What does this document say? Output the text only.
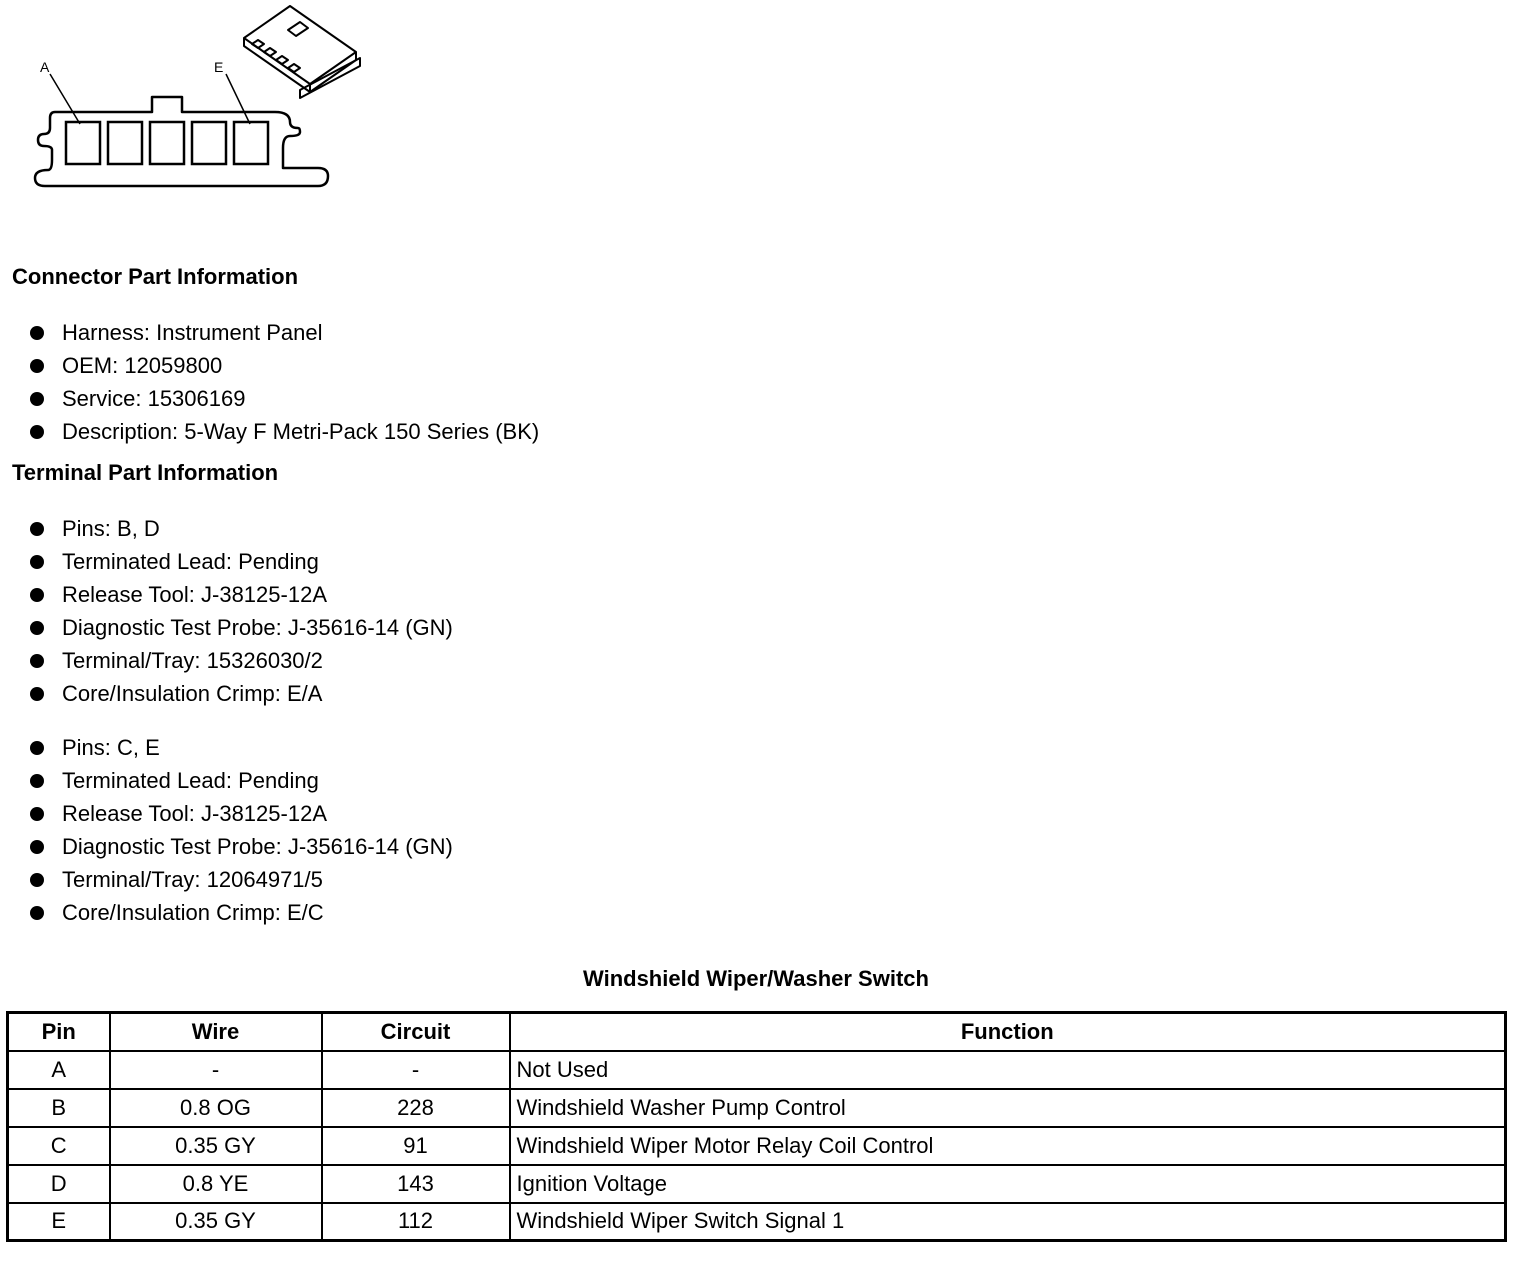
A	E
Connector Part Information
Harness: Instrument Panel
OEM: 12059800
Service: 15306169
Description: 5-Way F Metri-Pack 150 Series (BK)
Terminal Part Information
Pins: B, D
Terminated Lead: Pending
Release Tool: J-38125-12A
Diagnostic Test Probe: J-35616-14 (GN)
Terminal/Tray: 15326030/2
Core/Insulation Crimp: E/A
Pins: C, E
Terminated Lead: Pending
Release Tool: J-38125-12A
Diagnostic Test Probe: J-35616-14 (GN)
Terminal/Tray: 12064971/5
Core/Insulation Crimp: E/C
Windshield Wiper/Washer Switch
Pin	Wire	Circuit	Function
A	-	-	Not Used
B	0.8 OG	228	Windshield Washer Pump Control
C	0.35 GY	91	Windshield Wiper Motor Relay Coil Control
D	0.8 YE	143	Ignition Voltage
E	0.35 GY	112	Windshield Wiper Switch Signal 1
